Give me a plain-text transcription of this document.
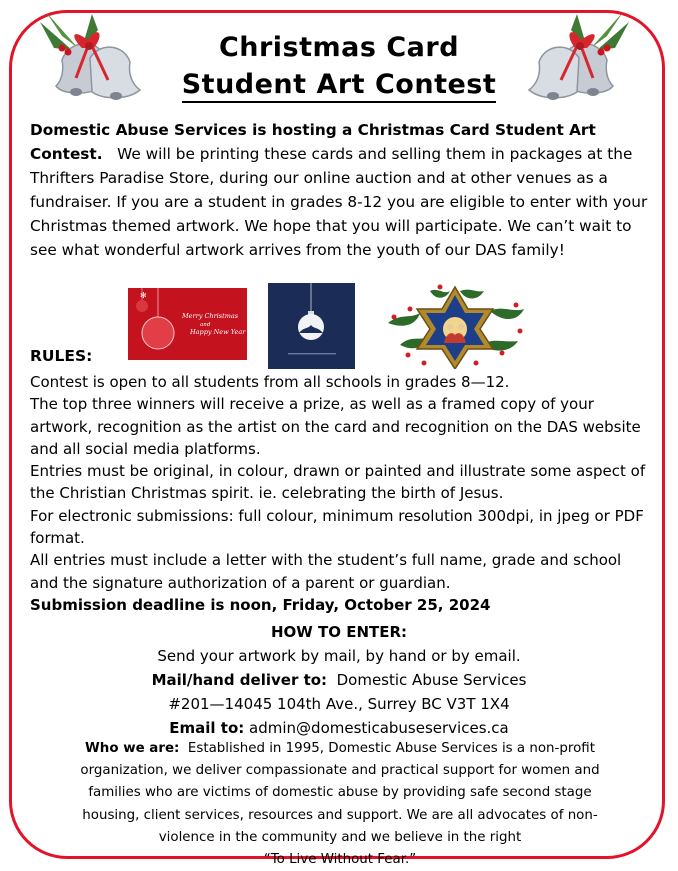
Christmas Card
Student Art Contest
Domestic Abuse Services is hosting a Christmas Card Student Art Contest. We will be printing these cards and selling them in packages at the Thrifters Paradise Store, during our online auction and at other venues as a fundraiser. If you are a student in grades 8-12 you are eligible to enter with your Christmas themed artwork. We hope that you will participate. We can’t wait to see what wonderful artwork arrives from the youth of our DAS family!
✻
Merry Christmas
and
Happy New Year
RULES:

Contest is open to all students from all schools in grades 8—12.

The top three winners will receive a prize, as well as a framed copy of your artwork, recognition as the artist on the card and recognition on the DAS website and all social media platforms.

Entries must be original, in colour, drawn or painted and illustrate some aspect of the Christian Christmas spirit. ie. celebrating the birth of Jesus.

For electronic submissions: full colour, minimum resolution 300dpi, in jpeg or PDF format.

All entries must include a letter with the student’s full name, grade and school and the signature authorization of a parent or guardian.

Submission deadline is noon, Friday, October 25, 2024

HOW TO ENTER:

Send your artwork by mail, by hand or by email.

Mail/hand deliver to: Domestic Abuse Services

#201—14045 104th Ave., Surrey BC V3T 1X4

Email to: admin@domesticabuseservices.ca

Who we are: Established in 1995, Domestic Abuse Services is a non-profit organization, we deliver compassionate and practical support for women and families who are victims of domestic abuse by providing safe second stage housing, client services, resources and support. We are all advocates of non-violence in the community and we believe in the right
“To Live Without Fear.”
